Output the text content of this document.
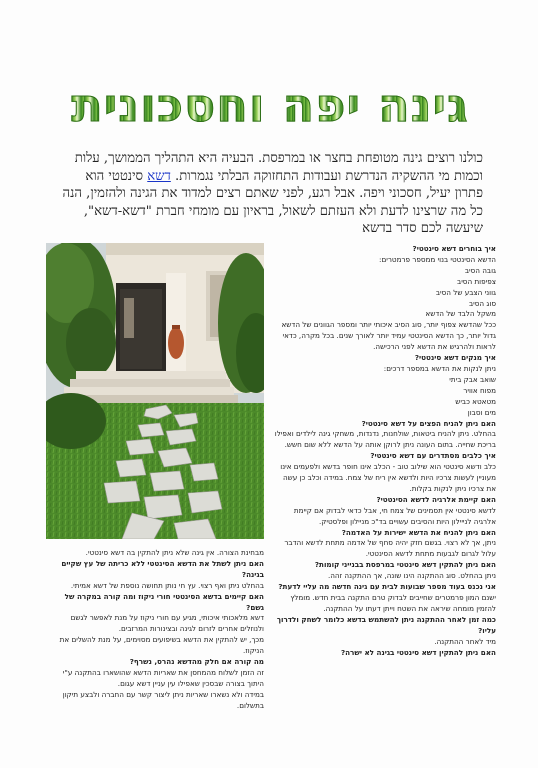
גינה יפה וחסכונית
כולנו רוצים גינה מטופחת בחצר או במרפסת. הבעיה היא התהליך הממושך, עלות וכמות מי ההשקיה הנדרשת ועבודות התחזוקה הבלתי נגמרות. דשא סינטטי הוא פתרון יעיל, חסכוני ויפה. אבל רגע, לפני שאתם רצים למדוד את הגינה ולהזמין, הנה כל מה שרצינו לדעת ולא העזתם לשאול, בראיון עם מומחי חברת "דשא-דשא", שיעשה לכם סדר בדשא
איך בוחרים דשא סינטטי?
הדשא הסינטטי בנוי ממספר פרמטרים:
גובה הסיב
צפיפות הסיב
גווני הצבע של הסיב
סוג הסיב
משקל הלבד של הדשא
ככל שהדשא צפוף יותר, סוג הסיב איכותי יותר ומספר הגוונים של הדשא גדול יותר, כך הדשא הסינטטי עמיד יותר לאורך שנים. בכל מקרה, כדאי לראות ולהרגיש את הדשא לפני הרכישה.
איך מנקים דשא סינטטי?
ניתן לנקות את הדשא במספר דרכים:
שואב אבק ביתי
מפוח אוויר
מטאטא כביש
מים וסבון
האם ניתן להניח הפצים על דשא סינטטי?
בהחלט. ניתן להניח ביטאות, שולחנות, נדנדות, משחקי גינה לילדים ואפילו בריכת שחייה. בתום העונה ניתן לרוקן אותה על הדשא ללא שום חשש.
איך כלבים מסתדרים עם דשא סינטטי?
כלב ודשא סינטטי הוא שילוב טוב - הכלב אינו חופר בדשא ולפעמים אינו מעוניין לעשות צרכיו היות ולדשא אין ריח של צמח. במידה וכלב כן עשה את צרכיו ניתן לנקות בקלות.
האם קיימת אלרגיה לדשא הסינטטי?
לדשא סינטטי אין תסמינים של צמח חי, אבל כדאי לבדוק אם קיימת אלרגיה לנייילון היות והסיבים עשויים בד"כ מניילון ופלסטיק.
האם ניתן להניח את הדשא ישירות על האדמה?
ניתן, אך לא רצוי. בגשם חזק יהיה סחף של אדמה מתחת לדשא והדבר עלול לגרום לגבעות מתחת לדשא הסינטטי.
האם ניתן להתקין דשא סינטטי במרפסת בבנייני קומות?
ניתן בהחלט. סוג ההתקנה הינו שונה, אך ההתקנה זהה.
אני נכנס בעוד מספר שבועות לבית עם גינה חדשה מה עליי לדעת?
ישנם המון פרמטרים שחייבים לבדוק טרם התקנה בבית חדש. מומלץ להזמין מומחה שיראה את השטח וייתן דעתו על ההתקנה.
כמה זמן לאחר ההתקנה ניתן להשתמש בדשא כלומר לשחק ולדרוך עליו?
מיד לאחר ההתקנה.
האם ניתן להתקין דשא סינטטי בגינה לא ישרה?
מבחינת הצורה. אין גינה שלא ניתן להתקין בה דשא סינטטי.
האם ניתן לשתל את הדשא הסינטטי ללא כריתה של עץ שקיים בגינה?
בהחלט ניתן ואף רצוי. עץ חי נותן תחושה נוספת של דשא אמיתי.
האם קיימים בדשא הסינטטי חורי ניקוז ומה קורה במקרה של גשם?
דשא מלאכותי איכותי, מגיע עם חורי ניקוז על מנת לאפשר לגשם ולנוזלים אחרים לזרום לגינה ובצינורות המרזבים.
מכך, יש להתקין את הדשא בשיפועים מסוימים, על מנת להשלים את הניקוז.
מה קורה אם חלק מהדשא נהרס, נשרף?
זה הזמן לשלוח מהמחסן את שאריות הדשא שהושארו בהתקנה ע"י היתוך בצורה שבסכין שאפילו עין עניין דשא עגום.
במידה ולא נשארו שאריות ניתן ליצור קשר עם החברה ולבצע תיקון בתשלום.
